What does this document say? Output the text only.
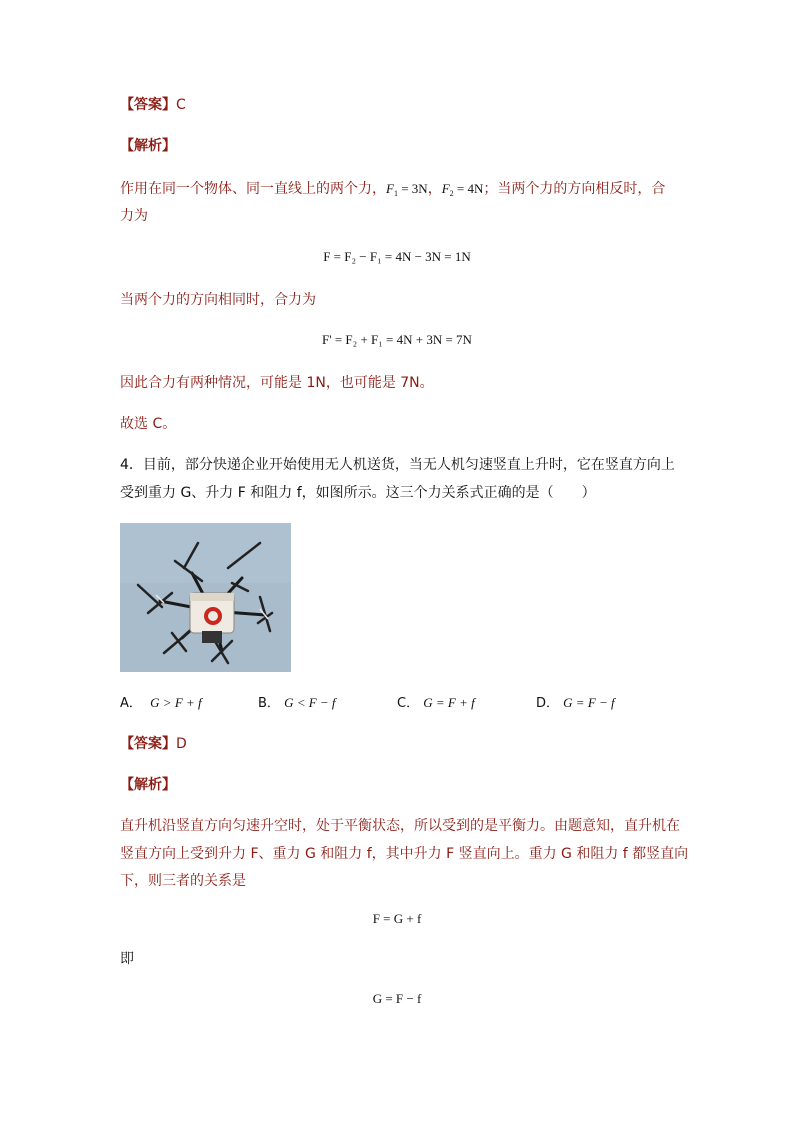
【答案】C
【解析】
作用在同一个物体、同一直线上的两个力，$F_1 = 3N$，$F_2 = 4N$；当两个力的方向相反时，合
力为
F = F₂ − F₁ = 4N − 3N = 1N
当两个力的方向相同时，合力为
F' = F₂ + F₁ = 4N + 3N = 7N
因此合力有两种情况，可能是 1N，也可能是 7N。
故选 C。
4．目前，部分快递企业开始使用无人机送货，当无人机匀速竖直上升时，它在竖直方向上
受到重力 G、升力 F 和阻力 f，如图所示。这三个力关系式正确的是（　　）
A． G > F + f	B． G < F − f	C． G = F + f	D． G = F − f
【答案】D
【解析】
直升机沿竖直方向匀速升空时，处于平衡状态，所以受到的是平衡力。由题意知，直升机在
竖直方向上受到升力 F、重力 G 和阻力 f，其中升力 F 竖直向上。重力 G 和阻力 f 都竖直向
下，则三者的关系是
F = G + f
即
G = F − f
